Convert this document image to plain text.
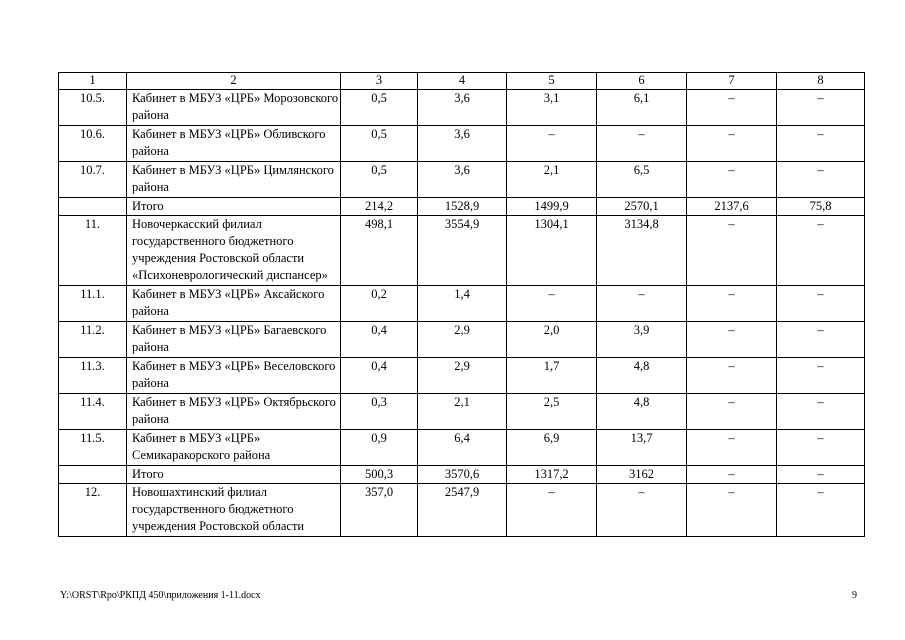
1	2	3	4	5	6	7	8
10.5.	Кабинет в МБУЗ «ЦРБ» Морозовского района	0,5	3,6	3,1	6,1	–	–
10.6.	Кабинет в МБУЗ «ЦРБ» Обливского района	0,5	3,6	–	–	–	–
10.7.	Кабинет в МБУЗ «ЦРБ» Цимлянского района	0,5	3,6	2,1	6,5	–	–
	Итого	214,2	1528,9	1499,9	2570,1	2137,6	75,8
11.	Новочеркасский филиал государственного бюджетного учреждения Ростовской области «Психоневрологический диспансер»	498,1	3554,9	1304,1	3134,8	–	–
11.1.	Кабинет в МБУЗ «ЦРБ» Аксайского района	0,2	1,4	–	–	–	–
11.2.	Кабинет в МБУЗ «ЦРБ» Багаевского района	0,4	2,9	2,0	3,9	–	–
11.3.	Кабинет в МБУЗ «ЦРБ» Веселовского района	0,4	2,9	1,7	4,8	–	–
11.4.	Кабинет в МБУЗ «ЦРБ» Октябрьского района	0,3	2,1	2,5	4,8	–	–
11.5.	Кабинет в МБУЗ «ЦРБ» Семикаракорского района	0,9	6,4	6,9	13,7	–	–
	Итого	500,3	3570,6	1317,2	3162	–	–
12.	Новошахтинский филиал государственного бюджетного учреждения Ростовской области	357,0	2547,9	–	–	–	–
Y:\ORST\Rpo\РКПД 450\приложения 1-11.docx	9
